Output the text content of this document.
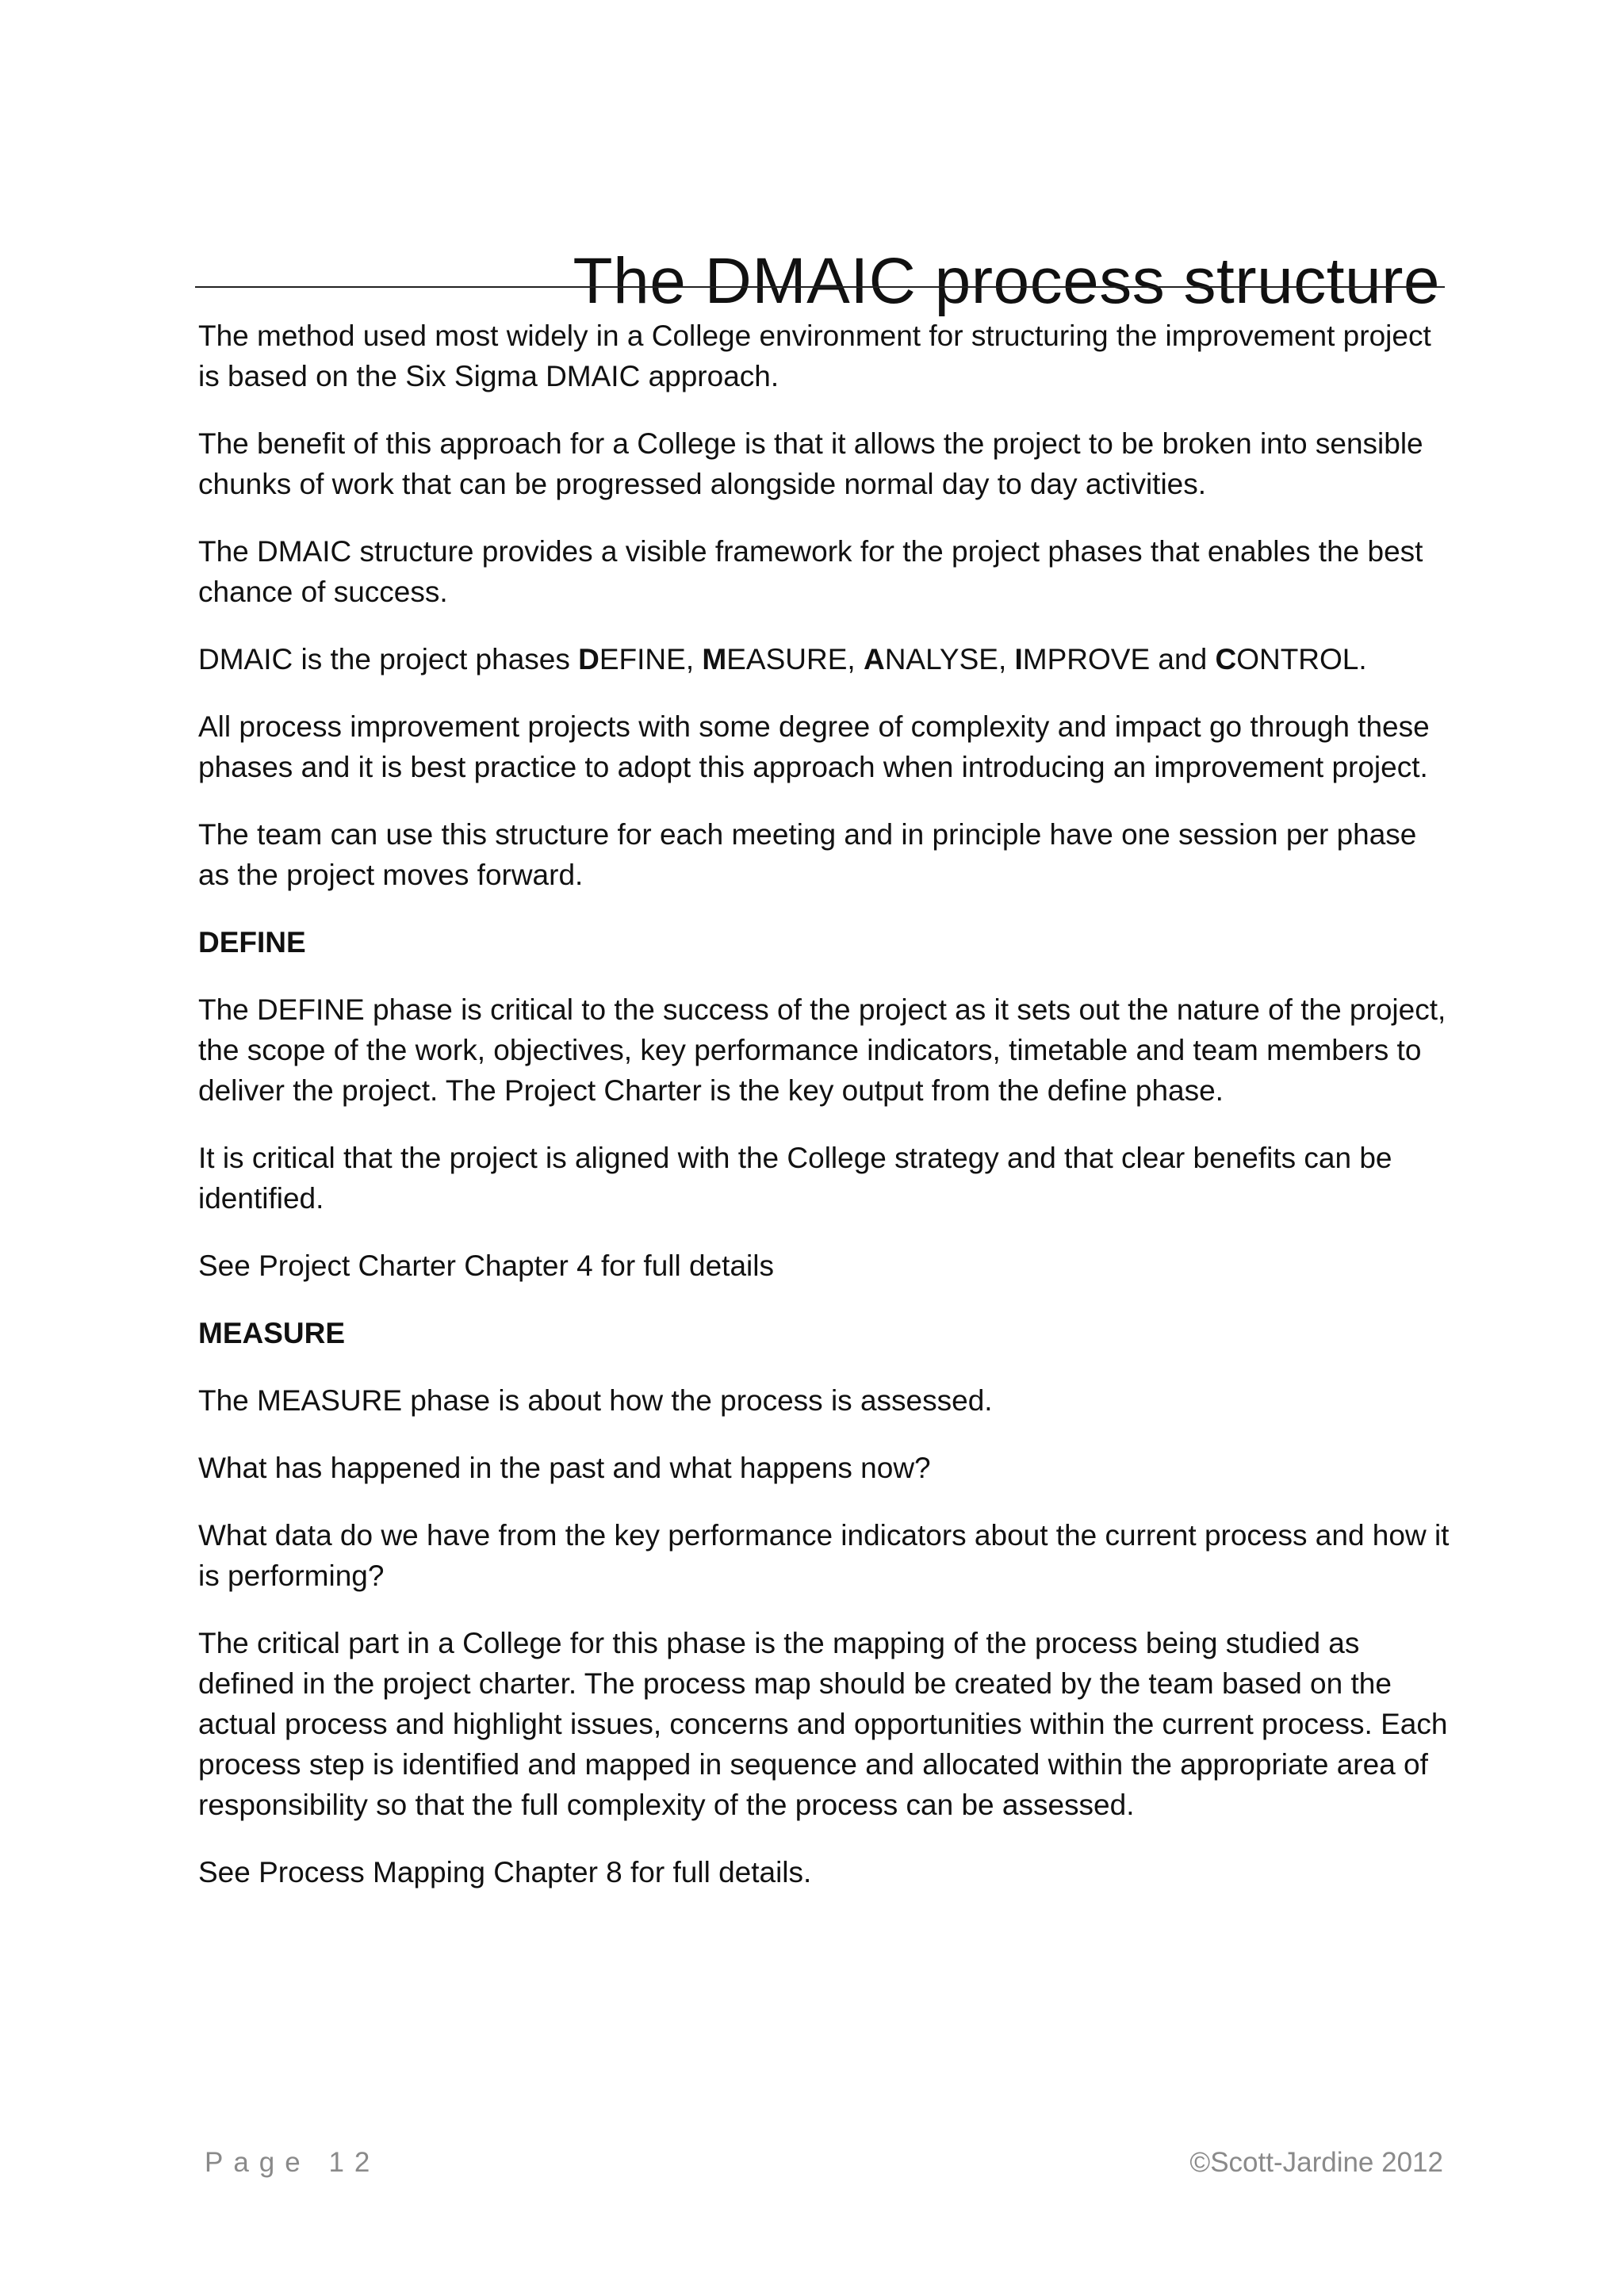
The DMAIC process structure

The method used most widely in a College environment for structuring the improvement project is based on the Six Sigma DMAIC approach.

The benefit of this approach for a College is that it allows the project to be broken into sensible chunks of work that can be progressed alongside normal day to day activities.

The DMAIC structure provides a visible framework for the project phases that enables the best chance of success.

DMAIC is the project phases DEFINE, MEASURE, ANALYSE, IMPROVE and CONTROL.

All process improvement projects with some degree of complexity and impact go through these phases and it is best practice to adopt this approach when introducing an improvement project.

The team can use this structure for each meeting and in principle have one session per phase as the project moves forward.

DEFINE

The DEFINE phase is critical to the success of the project as it sets out the nature of the project, the scope of the work, objectives, key performance indicators, timetable and team members to deliver the project. The Project Charter is the key output from the define phase.

It is critical that the project is aligned with the College strategy and that clear benefits can be identified.

See Project Charter Chapter 4 for full details

MEASURE

The MEASURE phase is about how the process is assessed.

What has happened in the past and what happens now?

What data do we have from the key performance indicators about the current process and how it is performing?

The critical part in a College for this phase is the mapping of the process being studied as defined in the project charter. The process map should be created by the team based on the actual process and highlight issues, concerns and opportunities within the current process. Each process step is identified and mapped in sequence and allocated within the appropriate area of responsibility so that the full complexity of the process can be assessed.

See Process Mapping Chapter 8 for full details.

Page 12	©Scott-Jardine 2012
